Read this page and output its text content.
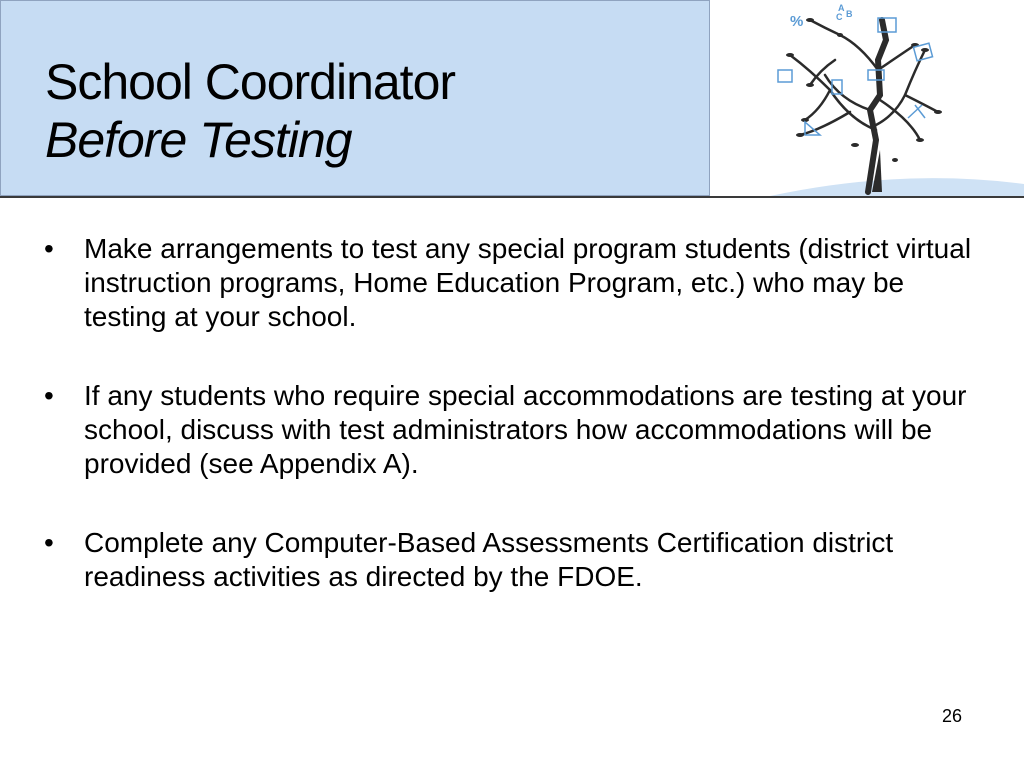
School Coordinator
Before Testing
%
A
B
C
• Make arrangements to test any special program students (district virtual instruction programs, Home Education Program, etc.) who may be testing at your school.
• If any students who require special accommodations are testing at your school, discuss with test administrators how accommodations will be provided (see Appendix A).
• Complete any Computer-Based Assessments Certification district readiness activities as directed by the FDOE.
26
